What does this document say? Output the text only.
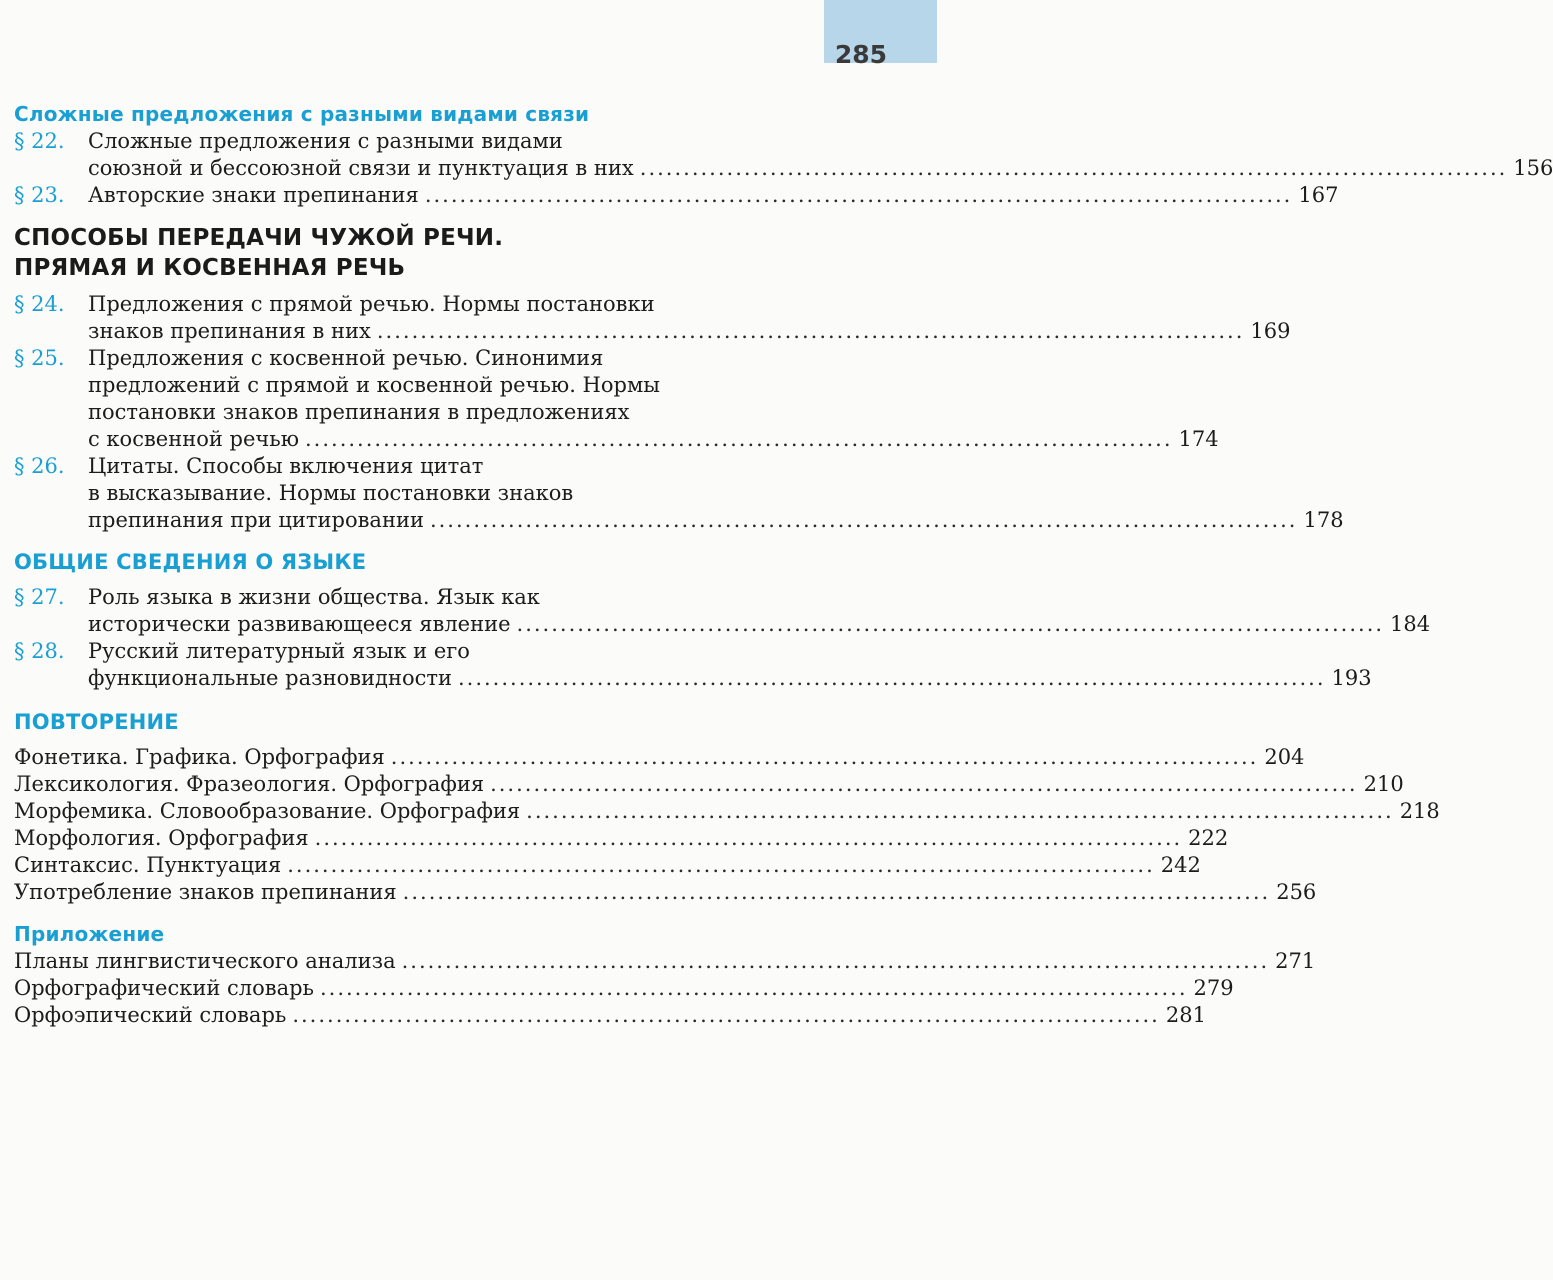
285
Сложные предложения с разными видами связи
§ 22.	Сложные предложения с разными видами
союзной и бессоюзной связи и пунктуация в них .................................................................................................... 156
§ 23.	Авторские знаки препинания .................................................................................................... 167
СПОСОБЫ ПЕРЕДАЧИ ЧУЖОЙ РЕЧИ.
ПРЯМАЯ И КОСВЕННАЯ РЕЧЬ
§ 24.	Предложения с прямой речью. Нормы постановки
знаков препинания в них .................................................................................................... 169
§ 25.	Предложения с косвенной речью. Синонимия
предложений с прямой и косвенной речью. Нормы
постановки знаков препинания в предложениях
с косвенной речью .................................................................................................... 174
§ 26.	Цитаты. Способы включения цитат
в высказывание. Нормы постановки знаков
препинания при цитировании .................................................................................................... 178
ОБЩИЕ СВЕДЕНИЯ О ЯЗЫКЕ
§ 27.	Роль языка в жизни общества. Язык как
исторически развивающееся явление .................................................................................................... 184
§ 28.	Русский литературный язык и его
функциональные разновидности .................................................................................................... 193
ПОВТОРЕНИЕ
Фонетика. Графика. Орфография .................................................................................................... 204
Лексикология. Фразеология. Орфография .................................................................................................... 210
Морфемика. Словообразование. Орфография .................................................................................................... 218
Морфология. Орфография .................................................................................................... 222
Синтаксис. Пунктуация .................................................................................................... 242
Употребление знаков препинания .................................................................................................... 256
Приложение
Планы лингвистического анализа .................................................................................................... 271
Орфографический словарь .................................................................................................... 279
Орфоэпический словарь .................................................................................................... 281
